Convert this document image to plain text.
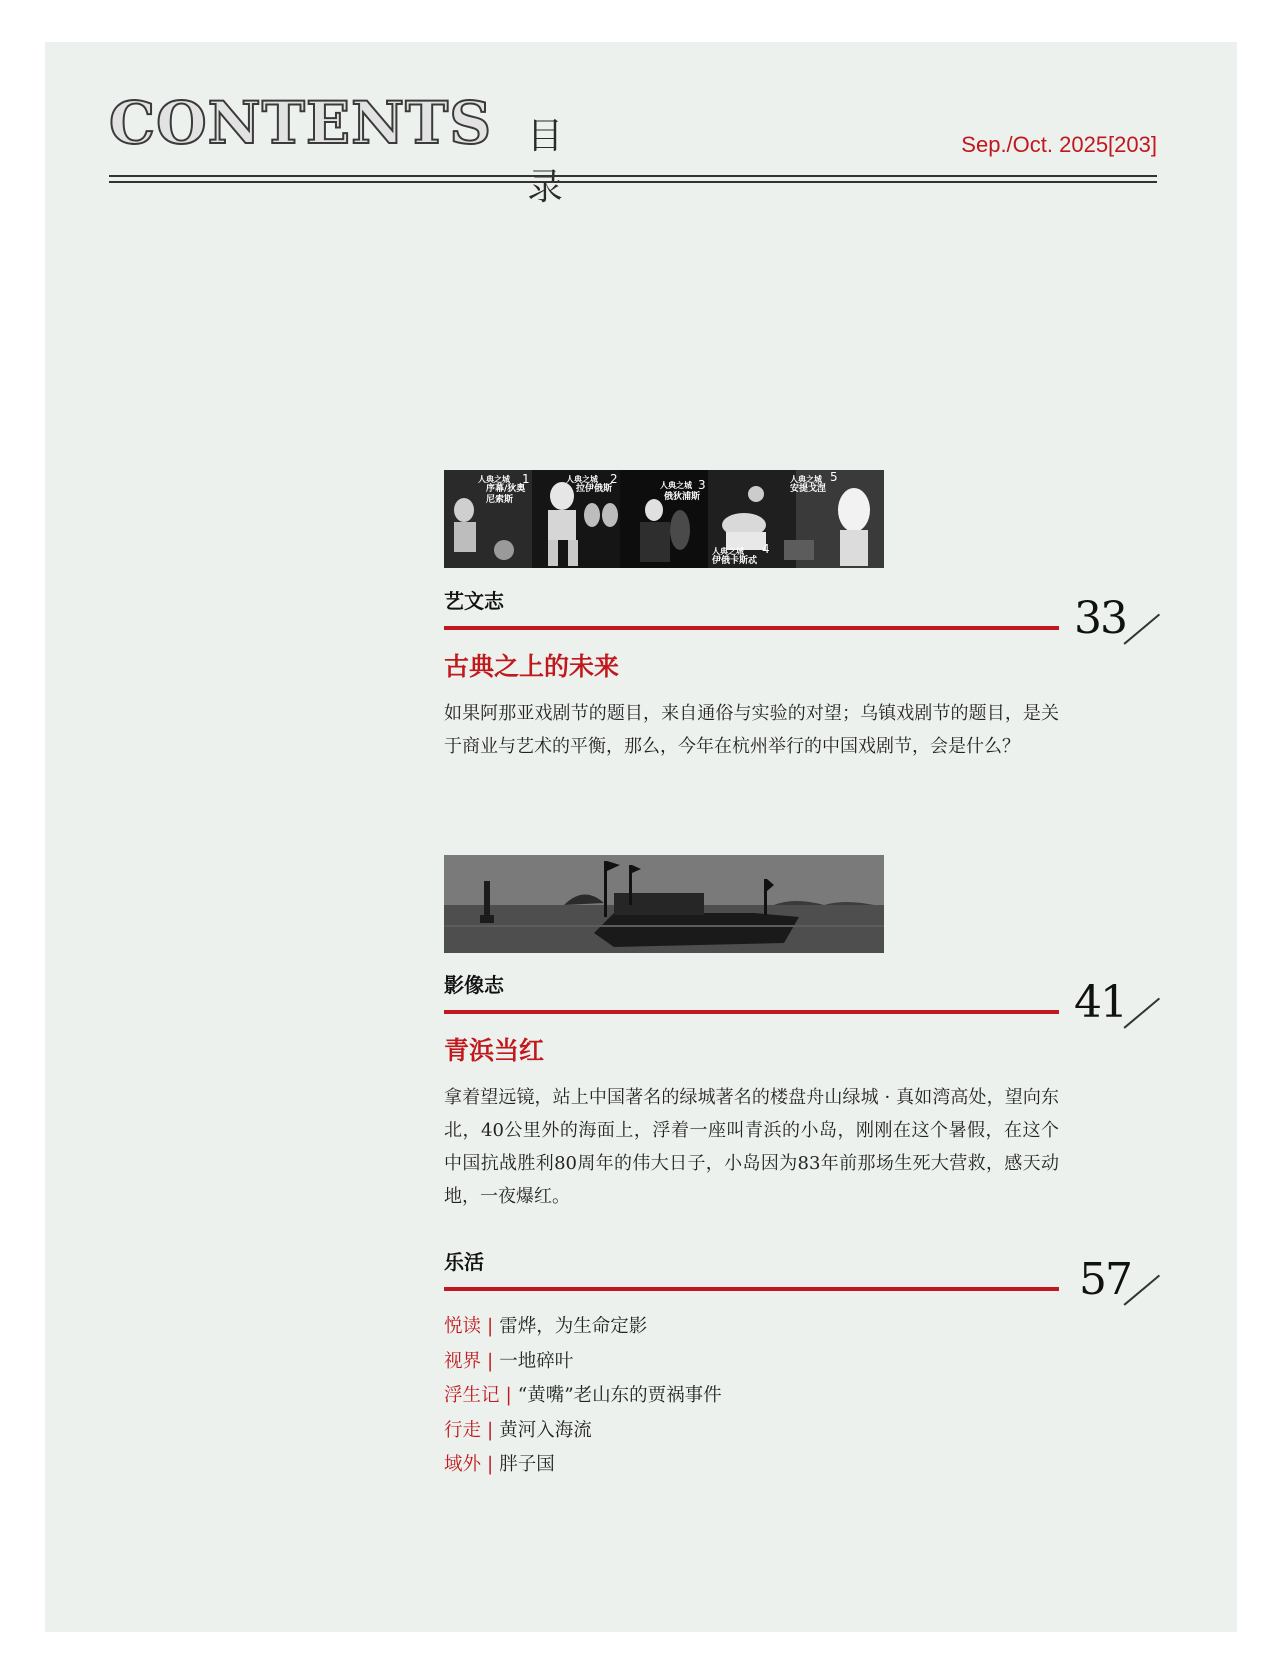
CONTENTS 目录
Sep./Oct. 2025[203]
人典之城 1
序幕/狄奥尼索斯
人典之城 2
拉伊俄斯	人典之城 3
俄狄浦斯
人典之城 4
伊俄卡斯忒
人典之城 5
安提戈涅
艺文志	33
古典之上的未来
如果阿那亚戏剧节的题目，来自通俗与实验的对望；乌镇戏剧节的题目，是关于商业与艺术的平衡，那么，今年在杭州举行的中国戏剧节，会是什么？
影像志	41
青浜当红
拿着望远镜，站上中国著名的绿城著名的楼盘舟山绿城 · 真如湾高处，望向东北，40公里外的海面上，浮着一座叫青浜的小岛，刚刚在这个暑假，在这个中国抗战胜利80周年的伟大日子，小岛因为83年前那场生死大营救，感天动地，一夜爆红。
乐活	57
悦读 | 雷烨，为生命定影
视界 | 一地碎叶
浮生记 | “黄嘴”老山东的贾祸事件
行走 | 黄河入海流
域外 | 胖子国
